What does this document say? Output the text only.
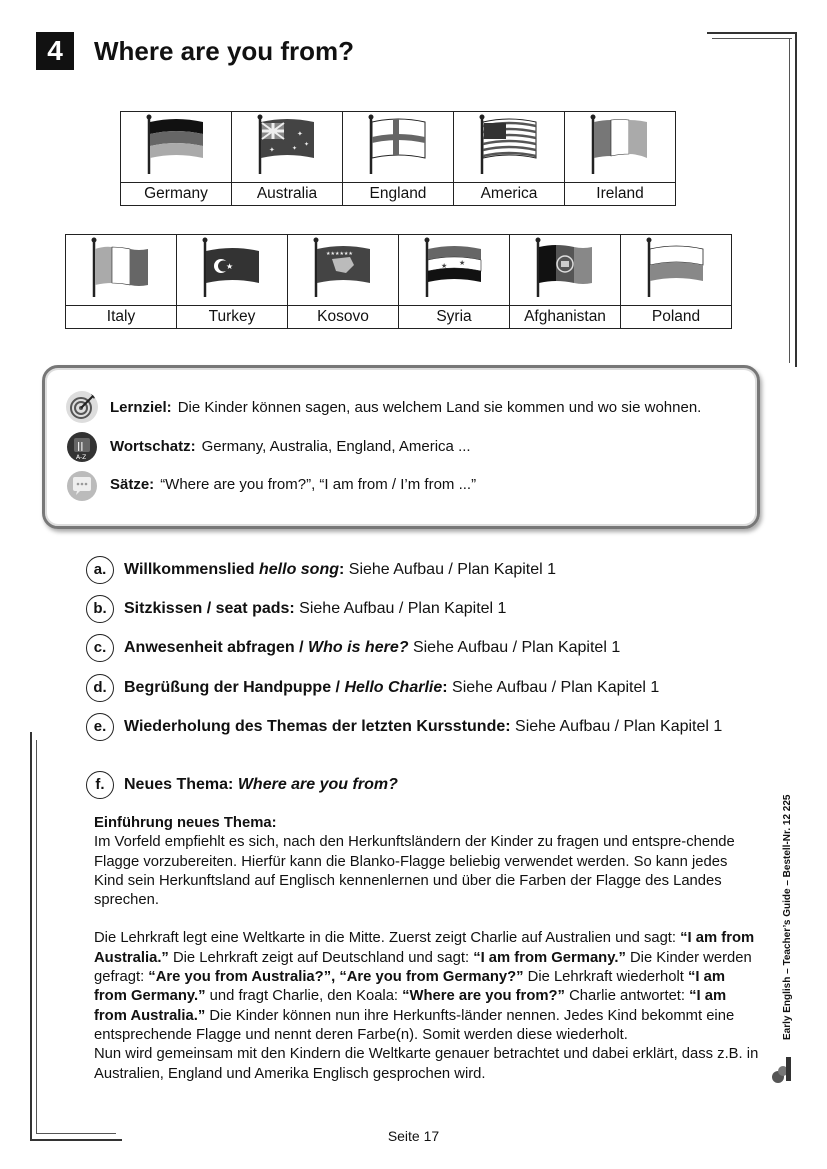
4	Where are you from?

✦
✦
✦
✦

Germany	Australia	England	America	Ireland

★	★★★★★★	★ ★

Italy	Turkey	Kosovo	Syria	Afghanistan	Poland
Lernziel: Die Kinder können sagen, aus welchem Land sie kommen und wo sie wohnen.
||
A-Z
Wortschatz: Germany, Australia, England, America ...
Sätze: “Where are you from?”, “I am from / I’m from ...”
a. Willkommenslied hello song: Siehe Aufbau / Plan Kapitel 1
b. Sitzkissen / seat pads: Siehe Aufbau / Plan Kapitel 1
c. Anwesenheit abfragen / Who is here? Siehe Aufbau / Plan Kapitel 1
d. Begrüßung der Handpuppe / Hello Charlie: Siehe Aufbau / Plan Kapitel 1
e. Wiederholung des Themas der letzten Kursstunde: Siehe Aufbau / Plan Kapitel 1
f. Neues Thema: Where are you from?
Einführung neues Thema:
Im Vorfeld empfiehlt es sich, nach den Herkunftsländern der Kinder zu fragen und entspre-chende Flagge vorzubereiten. Hierfür kann die Blanko-Flagge beliebig verwendet werden. So kann jedes Kind sein Herkunftsland auf Englisch kennenlernen und über die Farben der Flagge des Landes sprechen.
Die Lehrkraft legt eine Weltkarte in die Mitte. Zuerst zeigt Charlie auf Australien und sagt: “I am from Australia.” Die Lehrkraft zeigt auf Deutschland und sagt: “I am from Germany.” Die Kinder werden gefragt: “Are you from Australia?”, “Are you from Germany?” Die Lehrkraft wiederholt “I am from Germany.” und fragt Charlie, den Koala: “Where are you from?” Charlie antwortet: “I am from Australia.” Die Kinder können nun ihre Herkunfts-länder nennen. Jedes Kind bekommt eine entsprechende Flagge und nennt deren Farbe(n). Somit werden diese wiederholt.
Nun wird gemeinsam mit den Kindern die Weltkarte genauer betrachtet und dabei erklärt, dass z.B. in Australien, England und Amerika Englisch gesprochen wird.
Early English – Teacher’s Guide – Bestell-Nr. 12 225
Seite 17
